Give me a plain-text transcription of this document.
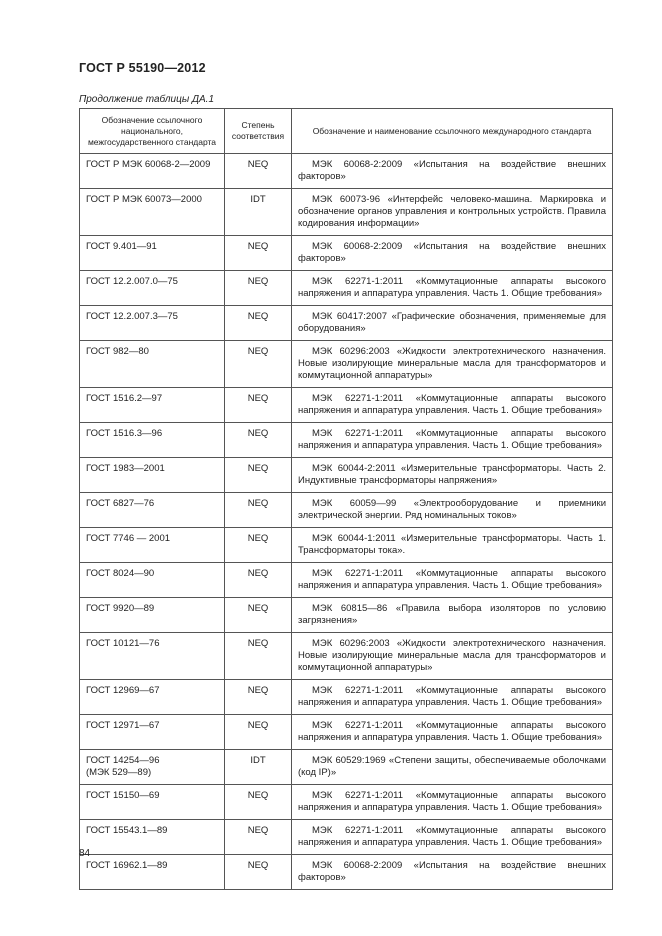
ГОСТ Р 55190—2012
Продолжение таблицы ДА.1
Обозначение ссылочного национального, межгосударственного стандарта	Степень соответствия	Обозначение и наименование ссылочного международного стандарта
ГОСТ Р МЭК 60068-2—2009	NEQ	МЭК 60068-2:2009 «Испытания на воздействие внешних факторов»

ГОСТ Р МЭК 60073—2000	IDT	МЭК 60073-96 «Интерфейс человеко-машина. Маркировка и обозначение органов управления и контрольных устройств. Правила кодирования информации»

ГОСТ 9.401—91	NEQ	МЭК 60068-2:2009 «Испытания на воздействие внешних факторов»

ГОСТ 12.2.007.0—75	NEQ	МЭК 62271-1:2011 «Коммутационные аппараты высокого напряжения и аппаратура управления. Часть 1. Общие требования»

ГОСТ 12.2.007.3—75	NEQ	МЭК 60417:2007 «Графические обозначения, применяемые для оборудования»

ГОСТ 982—80	NEQ	МЭК 60296:2003 «Жидкости электротехнического назначения. Новые изолирующие минеральные масла для трансформаторов и коммутационной аппаратуры»

ГОСТ 1516.2—97	NEQ	МЭК 62271-1:2011 «Коммутационные аппараты высокого напряжения и аппаратура управления. Часть 1. Общие требования»

ГОСТ 1516.3—96	NEQ	МЭК 62271-1:2011 «Коммутационные аппараты высокого напряжения и аппаратура управления. Часть 1. Общие требования»

ГОСТ 1983—2001	NEQ	МЭК 60044-2:2011 «Измерительные трансформаторы. Часть 2. Индуктивные трансформаторы напряжения»

ГОСТ 6827—76	NEQ	МЭК 60059—99 «Электрооборудование и приемники электрической энергии. Ряд номинальных токов»

ГОСТ 7746 — 2001	NEQ	МЭК 60044-1:2011 «Измерительные трансформаторы. Часть 1. Трансформаторы тока».

ГОСТ 8024—90	NEQ	МЭК 62271-1:2011 «Коммутационные аппараты высокого напряжения и аппаратура управления. Часть 1. Общие требования»

ГОСТ 9920—89	NEQ	МЭК 60815—86 «Правила выбора изоляторов по условию загрязнения»

ГОСТ 10121—76	NEQ	МЭК 60296:2003 «Жидкости электротехнического назначения. Новые изолирующие минеральные масла для трансформаторов и коммутационной аппаратуры»

ГОСТ 12969—67	NEQ	МЭК 62271-1:2011 «Коммутационные аппараты высокого напряжения и аппаратура управления. Часть 1. Общие требования»

ГОСТ 12971—67	NEQ	МЭК 62271-1:2011 «Коммутационные аппараты высокого напряжения и аппаратура управления. Часть 1. Общие требования»

ГОСТ 14254—96
(МЭК 529—89)	IDT	МЭК 60529:1969 «Степени защиты, обеспечиваемые оболочками (код IP)»

ГОСТ 15150—69	NEQ	МЭК 62271-1:2011 «Коммутационные аппараты высокого напряжения и аппаратура управления. Часть 1. Общие требования»

ГОСТ 15543.1—89	NEQ	МЭК 62271-1:2011 «Коммутационные аппараты высокого напряжения и аппаратура управления. Часть 1. Общие требования»

ГОСТ 16962.1—89	NEQ	МЭК 60068-2:2009 «Испытания на воздействие внешних факторов»
84
